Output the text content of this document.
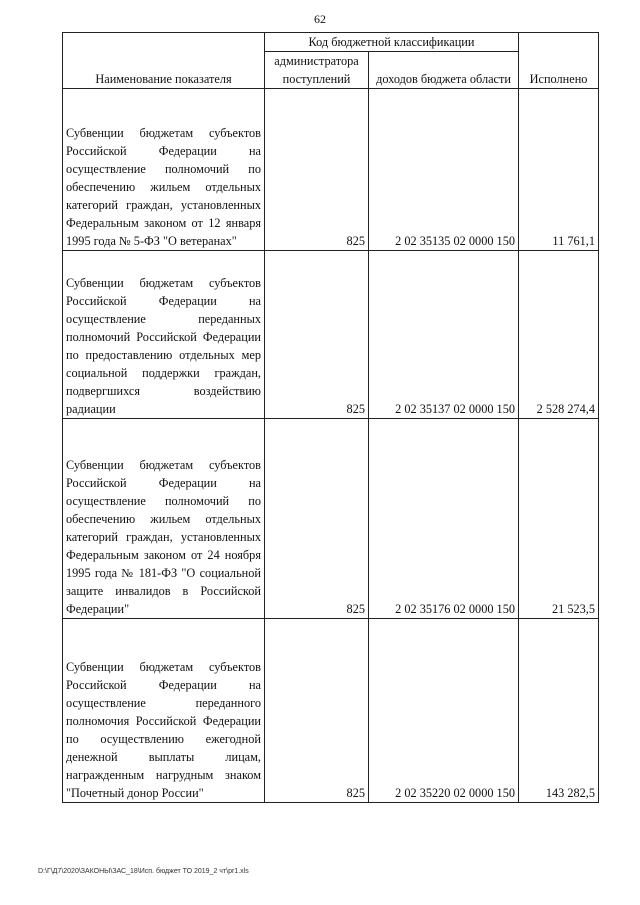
62
Наименование показателя	Код бюджетной классификации		Исполнено
	администратора поступлений	доходов бюджета области	
Субвенции бюджетам субъектов Российской Федерации на осуществление полномочий по обеспечению жильем отдельных категорий граждан, установленных Федеральным законом от 12 января 1995 года № 5-ФЗ "О ветеранах"	825	2 02 35135 02 0000 150	11 761,1
Субвенции бюджетам субъектов Российской Федерации на осуществление переданных полномочий Российской Федерации по предоставлению отдельных мер социальной поддержки граждан, подвергшихся воздействию радиации	825	2 02 35137 02 0000 150	2 528 274,4
Субвенции бюджетам субъектов Российской Федерации на осуществление полномочий по обеспечению жильем отдельных категорий граждан, установленных Федеральным законом от 24 ноября 1995 года № 181-ФЗ "О социальной защите инвалидов в Российской Федерации"	825	2 02 35176 02 0000 150	21 523,5
Субвенции бюджетам субъектов Российской Федерации на осуществление переданного полномочия Российской Федерации по осуществлению ежегодной денежной выплаты лицам, награжденным нагрудным знаком "Почетный донор России"	825	2 02 35220 02 0000 150	143 282,5
D:\Г\Д7\2020\ЗАКОНЫ\ЗАС_18\Исп. бюджет ТО 2019_2 чт\pr1.xls
